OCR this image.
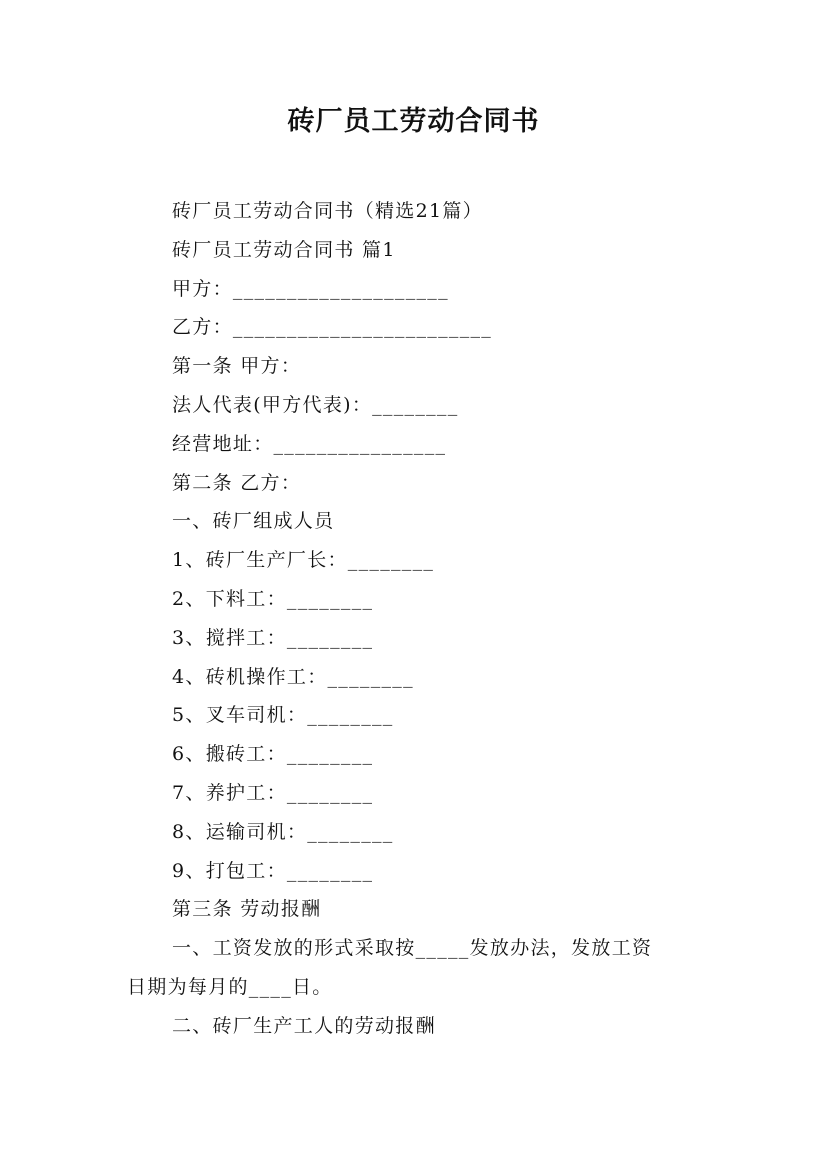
砖厂员工劳动合同书
砖厂员工劳动合同书（精选21篇）
砖厂员工劳动合同书 篇1
甲方：____________________
乙方：________________________
第一条 甲方：
法人代表(甲方代表)：________
经营地址：________________
第二条 乙方：
一、砖厂组成人员
1、砖厂生产厂长：________
2、下料工：________
3、搅拌工：________
4、砖机操作工：________
5、叉车司机：________
6、搬砖工：________
7、养护工：________
8、运输司机：________
9、打包工：________
第三条 劳动报酬
一、工资发放的形式采取按_____发放办法，发放工资
日期为每月的____日。
二、砖厂生产工人的劳动报酬
